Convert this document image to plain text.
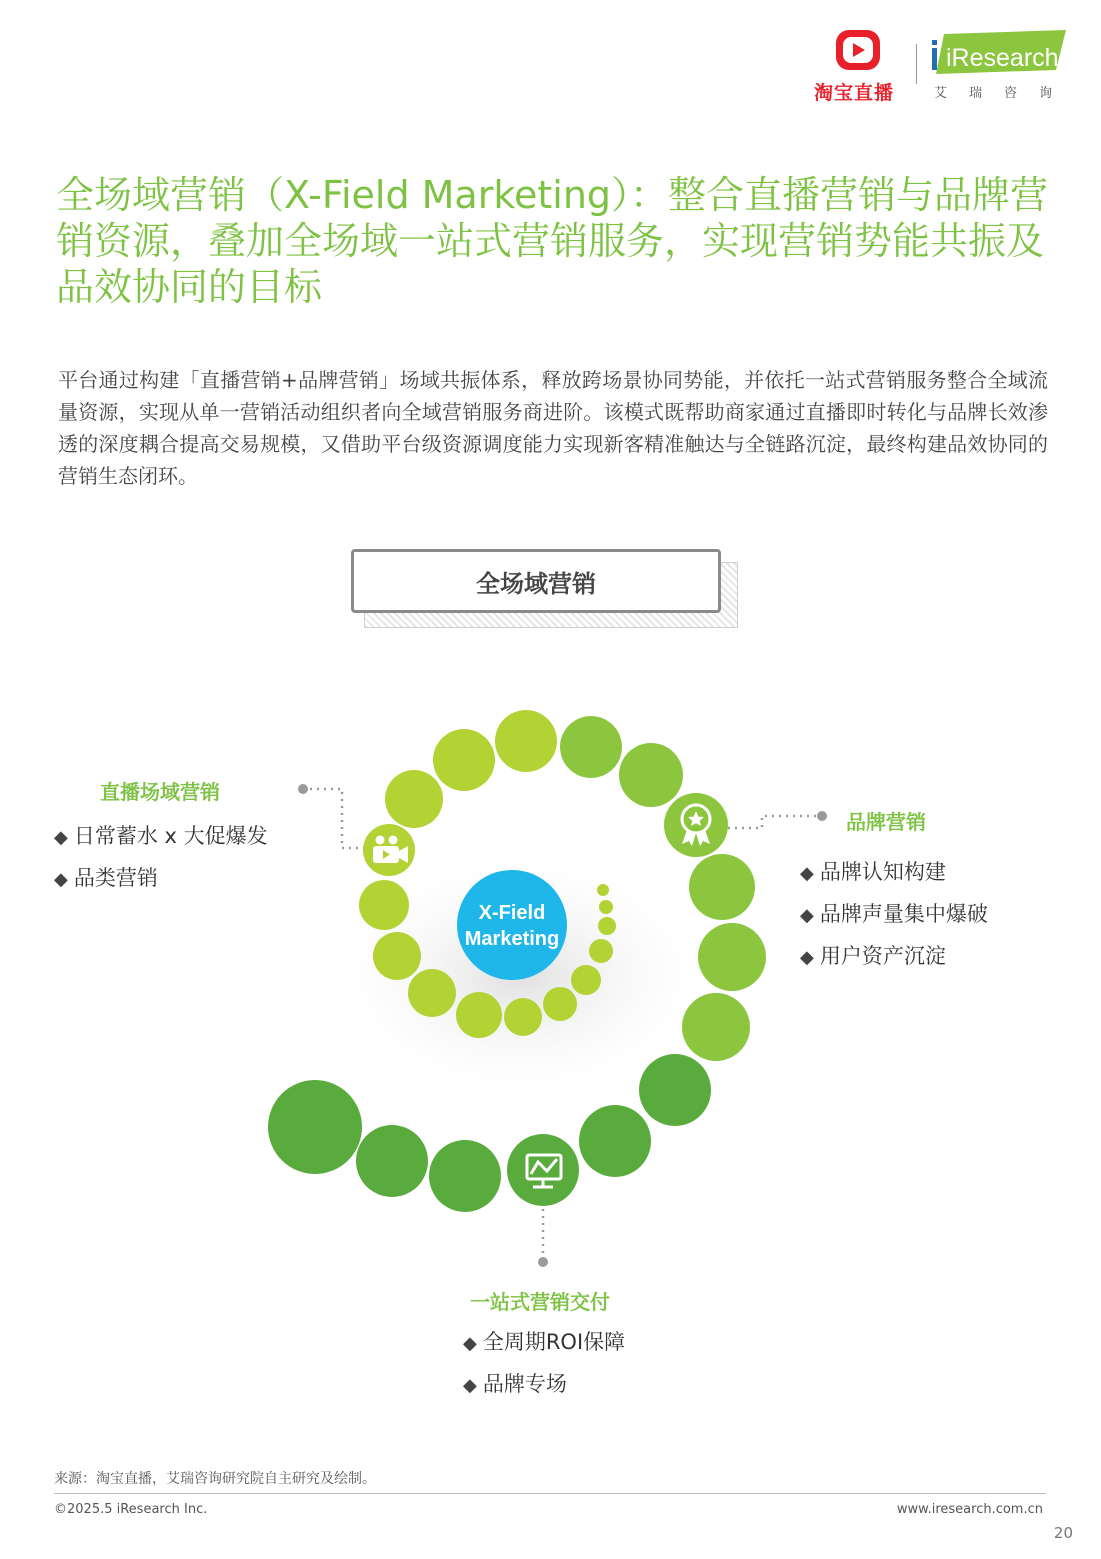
淘宝直播
iResearch
艾瑞咨询
全场域营销（X-Field Marketing）：整合直播营销与品牌营销资源，叠加全场域一站式营销服务，实现营销势能共振及品效协同的目标
平台通过构建「直播营销+品牌营销」场域共振体系，释放跨场景协同势能，并依托一站式营销服务整合全域流量资源，实现从单一营销活动组织者向全域营销服务商进阶。该模式既帮助商家通过直播即时转化与品牌长效渗透的深度耦合提高交易规模，又借助平台级资源调度能力实现新客精准触达与全链路沉淀，最终构建品效协同的营销生态闭环。
全场域营销
X-Field
Marketing
直播场域营销
◆ 日常蓄水 x 大促爆发
◆ 品类营销
品牌营销
◆ 品牌认知构建
◆ 品牌声量集中爆破
◆ 用户资产沉淀
一站式营销交付
◆ 全周期ROI保障
◆ 品牌专场
来源：淘宝直播，艾瑞咨询研究院自主研究及绘制。
©2025.5 iResearch Inc.	www.iresearch.com.cn
20
